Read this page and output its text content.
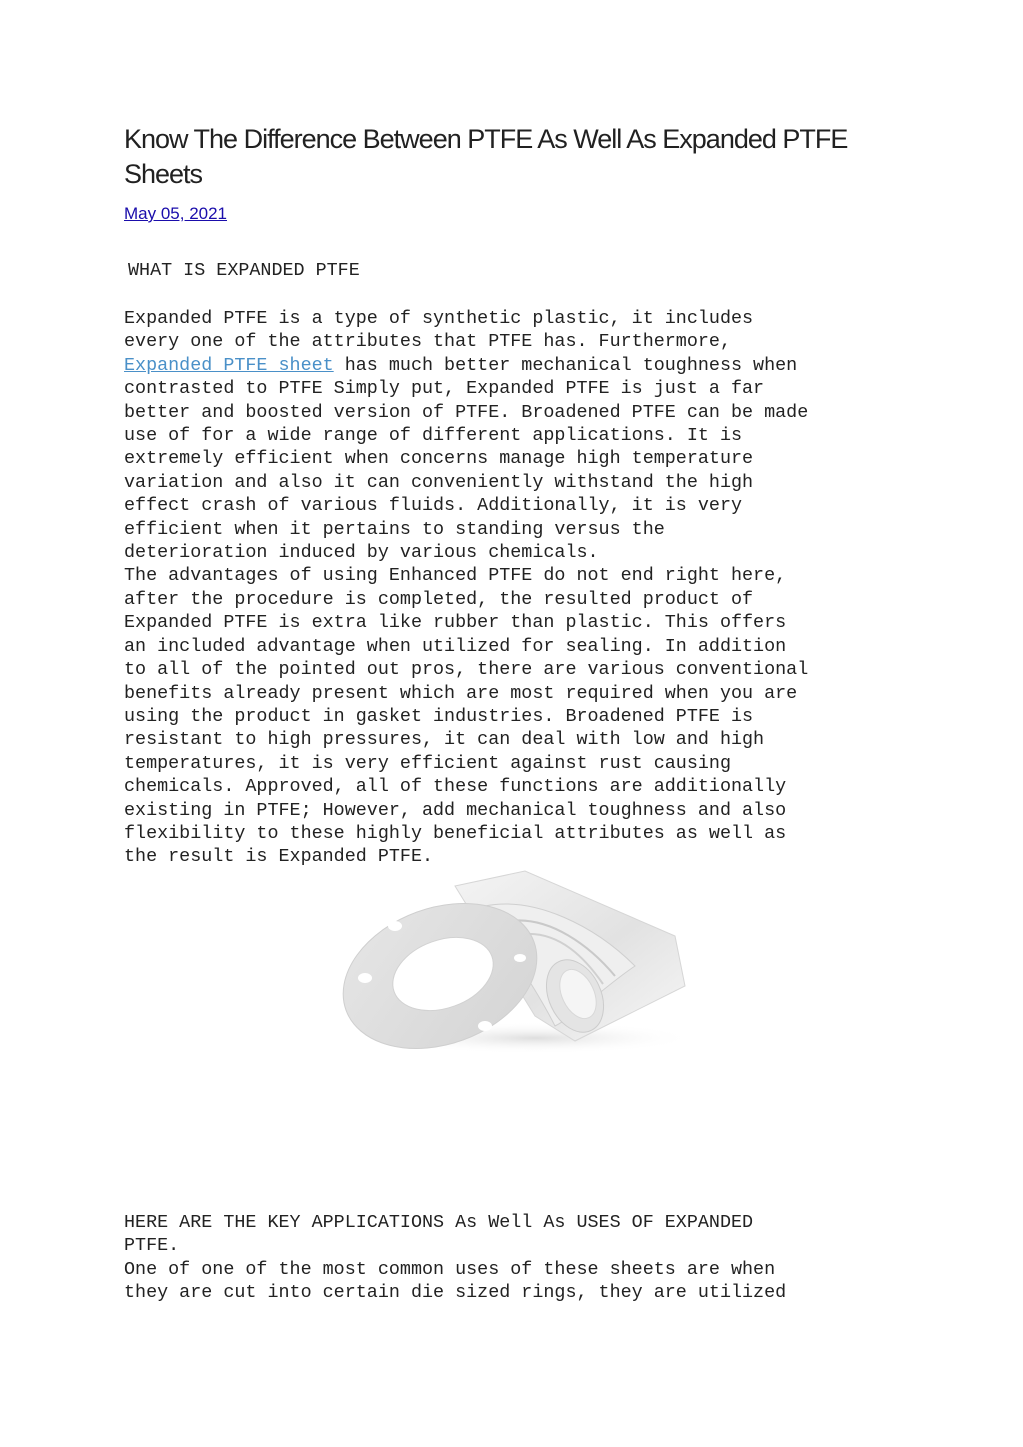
Know The Difference Between PTFE As Well As Expanded PTFE Sheets
May 05, 2021
WHAT IS EXPANDED PTFE
Expanded PTFE is a type of synthetic plastic, it includes
every one of the attributes that PTFE has. Furthermore,
Expanded PTFE sheet has much better mechanical toughness when
contrasted to PTFE Simply put, Expanded PTFE is just a far
better and boosted version of PTFE. Broadened PTFE can be made
use of for a wide range of different applications. It is
extremely efficient when concerns manage high temperature
variation and also it can conveniently withstand the high
effect crash of various fluids. Additionally, it is very
efficient when it pertains to standing versus the
deterioration induced by various chemicals.
The advantages of using Enhanced PTFE do not end right here,
after the procedure is completed, the resulted product of
Expanded PTFE is extra like rubber than plastic. This offers
an included advantage when utilized for sealing. In addition
to all of the pointed out pros, there are various conventional
benefits already present which are most required when you are
using the product in gasket industries. Broadened PTFE is
resistant to high pressures, it can deal with low and high
temperatures, it is very efficient against rust causing
chemicals. Approved, all of these functions are additionally
existing in PTFE; However, add mechanical toughness and also
flexibility to these highly beneficial attributes as well as
the result is Expanded PTFE.
HERE ARE THE KEY APPLICATIONS As Well As USES OF EXPANDED
PTFE.
One of one of the most common uses of these sheets are when
they are cut into certain die sized rings, they are utilized
